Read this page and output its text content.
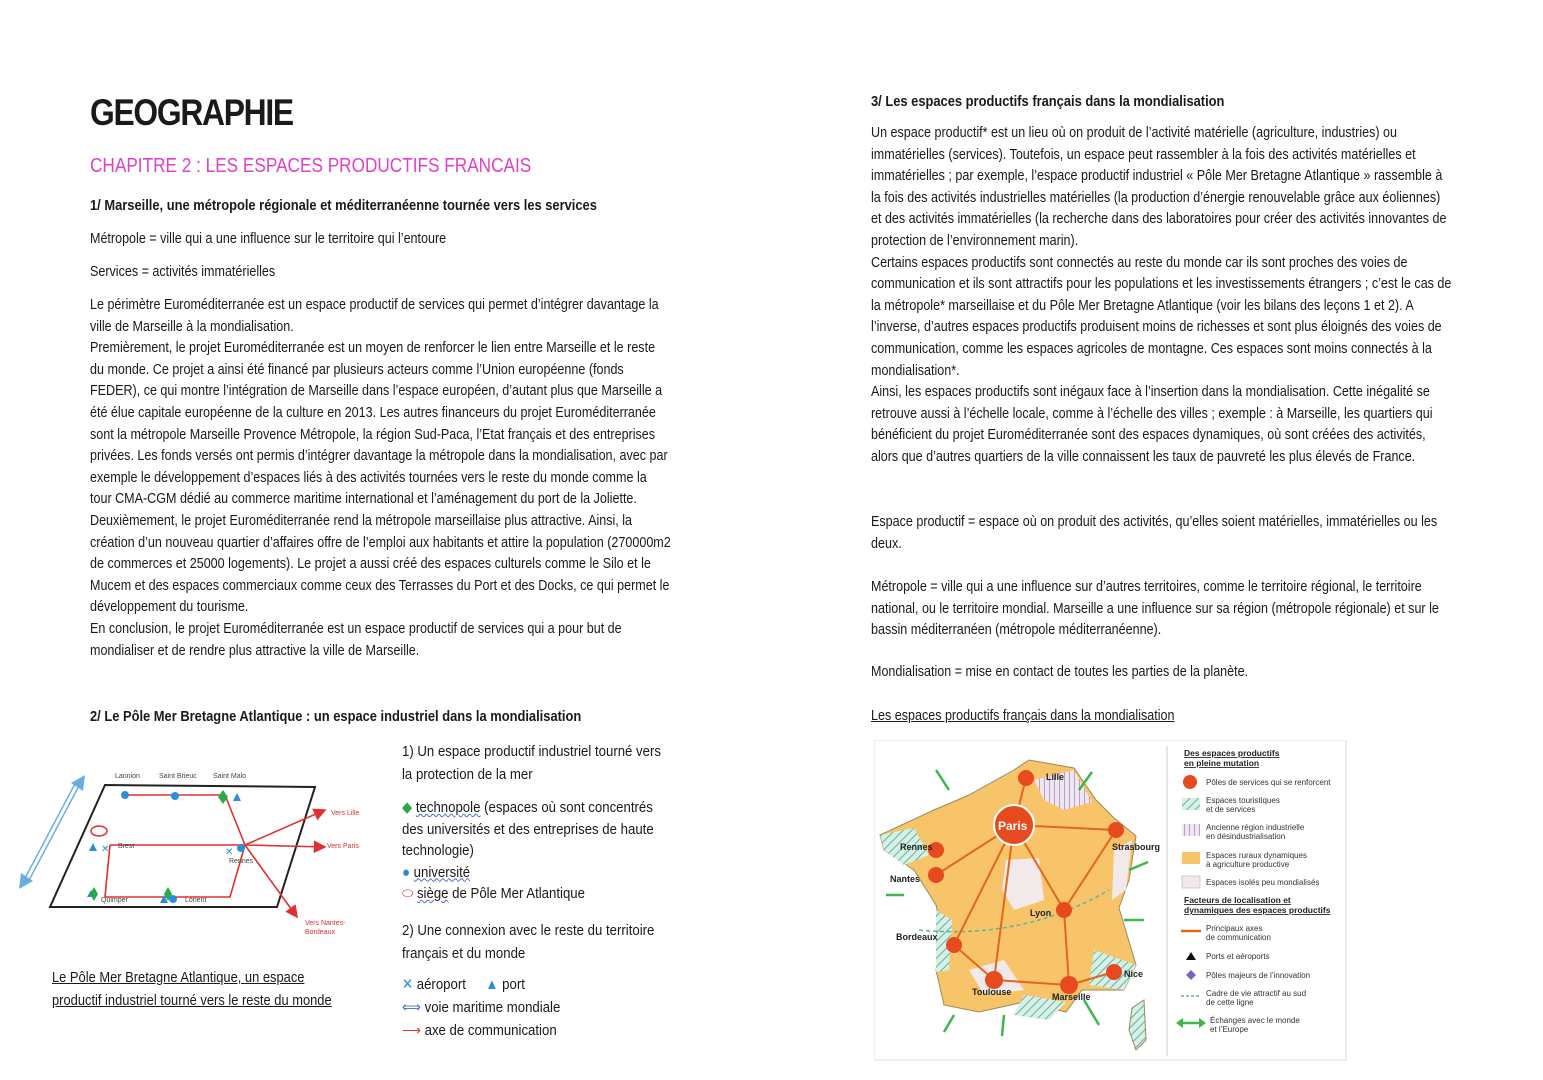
GEOGRAPHIE
CHAPITRE 2 : LES ESPACES PRODUCTIFS FRANCAIS
1/ Marseille, une métropole régionale et méditerranéenne tournée vers les services
Métropole = ville qui a une influence sur le territoire qui l’entoure
Services = activités immatérielles

Le périmètre Euroméditerranée est un espace productif de services qui permet d’intégrer davantage la ville de Marseille à la mondialisation.

Premièrement, le projet Euroméditerranée est un moyen de renforcer le lien entre Marseille et le reste du monde. Ce projet a ainsi été financé par plusieurs acteurs comme l’Union européenne (fonds FEDER), ce qui montre l’intégration de Marseille dans l’espace européen, d’autant plus que Marseille a été élue capitale européenne de la culture en 2013. Les autres financeurs du projet Euroméditerranée sont la métropole Marseille Provence Métropole, la région Sud-Paca, l’Etat français et des entreprises privées. Les fonds versés ont permis d’intégrer davantage la métropole dans la mondialisation, avec par exemple le développement d’espaces liés à des activités tournées vers le reste du monde comme la tour CMA-CGM dédié au commerce maritime international et l’aménagement du port de la Joliette.

Deuxièmement, le projet Euroméditerranée rend la métropole marseillaise plus attractive. Ainsi, la création d’un nouveau quartier d’affaires offre de l’emploi aux habitants et attire la population (270000m2 de commerces et 25000 logements). Le projet a aussi créé des espaces culturels comme le Silo et le Mucem et des espaces commerciaux comme ceux des Terrasses du Port et des Docks, ce qui permet le développement du tourisme.

En conclusion, le projet Euroméditerranée est un espace productif de services qui a pour but de mondialiser et de rendre plus attractive la ville de Marseille.

2/ Le Pôle Mer Bretagne Atlantique : un espace industriel dans la mondialisation
✕	✕
Lannion	Saint Brieuc Saint Malo
Brest
Rennes
Quimper	Lorient
Vers Lille
Vers Paris
Vers Nantes-
Bordeaux
Le Pôle Mer Bretagne Atlantique, un espace
productif industriel tourné vers le reste du monde
1) Un espace productif industriel tourné vers
la protection de la mer
◆ technopole (espaces où sont concentrés
des universités et des entreprises de haute
technologie)
● université
⬭ siège de Pôle Mer Atlantique
2) Une connexion avec le reste du territoire
français et du monde
✕ aéroport ▲ port
⟺ voie maritime mondiale
⟶ axe de communication
3/ Les espaces productifs français dans la mondialisation

Un espace productif* est un lieu où on produit de l’activité matérielle (agriculture, industries) ou immatérielles (services). Toutefois, un espace peut rassembler à la fois des activités matérielles et immatérielles ; par exemple, l’espace productif industriel « Pôle Mer Bretagne Atlantique » rassemble à la fois des activités industrielles matérielles (la production d’énergie renouvelable grâce aux éoliennes) et des activités immatérielles (la recherche dans des laboratoires pour créer des activités innovantes de protection de l’environnement marin).

Certains espaces productifs sont connectés au reste du monde car ils sont proches des voies de communication et ils sont attractifs pour les populations et les investissements étrangers ; c’est le cas de la métropole* marseillaise et du Pôle Mer Bretagne Atlantique (voir les bilans des leçons 1 et 2). A l’inverse, d’autres espaces productifs produisent moins de richesses et sont plus éloignés des voies de communication, comme les espaces agricoles de montagne. Ces espaces sont moins connectés à la mondialisation*.

Ainsi, les espaces productifs sont inégaux face à l’insertion dans la mondialisation. Cette inégalité se retrouve aussi à l’échelle locale, comme à l’échelle des villes ; exemple : à Marseille, les quartiers qui bénéficient du projet Euroméditerranée sont des espaces dynamiques, où sont créées des activités, alors que d’autres quartiers de la ville connaissent les taux de pauvreté les plus élevés de France.

Espace productif = espace où on produit des activités, qu’elles soient matérielles, immatérielles ou les deux.
Métropole = ville qui a une influence sur d’autres territoires, comme le territoire régional, le territoire national, ou le territoire mondial. Marseille a une influence sur sa région (métropole régionale) et sur le bassin méditerranéen (métropole méditerranéenne).
Mondialisation = mise en contact de toutes les parties de la planète.
Les espaces productifs français dans la mondialisation
Lille
Paris
Rennes	Strasbourg
Nantes
Lyon
Bordeaux
Nice
Toulouse	Marseille
Des espaces productifs
en pleine mutation
Pôles de services qui se renforcent
Espaces touristiques
et de services
Ancienne région industrielle
en désindustrialisation
Espaces ruraux dynamiques
à agriculture productive
Espaces isolés peu mondialisés
Facteurs de localisation et
dynamiques des espaces productifs
Principaux axes
de communication
Ports et aéroports
Pôles majeurs de l’innovation
Cadre de vie attractif au sud
de cette ligne
Échanges avec le monde
et l’Europe
